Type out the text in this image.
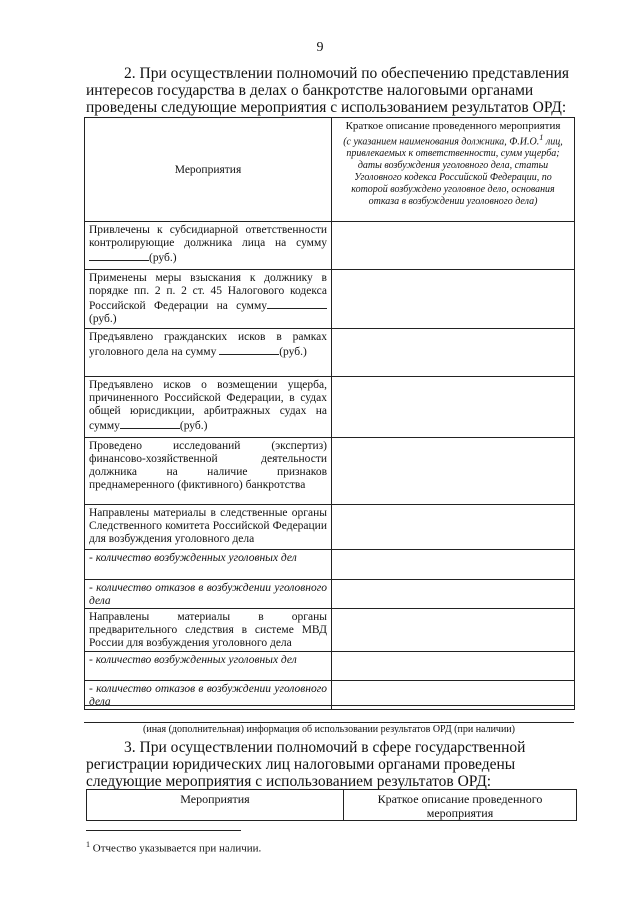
9
2. При осуществлении полномочий по обеспечению представления
интересов государства в делах о банкротстве налоговыми органами
проведены следующие мероприятия с использованием результатов ОРД:
Мероприятия	Краткое описание проведенного мероприятия
(с указанием наименования должника, Ф.И.О.$^1$ лиц, привлекаемых к ответственности, сумм ущерба; даты возбуждения уголовного дела, статьи Уголовного кодекса Российской Федерации, по которой возбуждено уголовное дело, основания отказа в возбуждении уголовного дела)

Привлечены к субсидиарной ответственности контролирующие должника лица на сумму (руб.)	
Применены меры взыскания к должнику в порядке пп. 2 п. 2 ст. 45 Налогового кодекса Российской Федерации на сумму(руб.)	
Предъявлено гражданских исков в рамках уголовного дела на сумму (руб.)	
Предъявлено исков о возмещении ущерба, причиненного Российской Федерации, в судах общей юрисдикции, арбитражных судах на сумму (руб.)	
Проведено исследований (экспертиз) финансово-хозяйственной деятельности должника на наличие признаков преднамеренного (фиктивного) банкротства	
Направлены материалы в следственные органы Следственного комитета Российской Федерации для возбуждения уголовного дела	
- количество возбужденных уголовных дел	
- количество отказов в возбуждении уголовного дела	
Направлены материалы в органы предварительного следствия в системе МВД России для возбуждения уголовного дела	
- количество возбужденных уголовных дел	
- количество отказов в возбуждении уголовного дела	
(иная (дополнительная) информация об использовании результатов ОРД (при наличии)
3. При осуществлении полномочий в сфере государственной
регистрации юридических лиц налоговыми органами проведены
следующие мероприятия с использованием результатов ОРД:
Мероприятия	Краткое описание проведенного мероприятия
$^1$ Отчество указывается при наличии.
